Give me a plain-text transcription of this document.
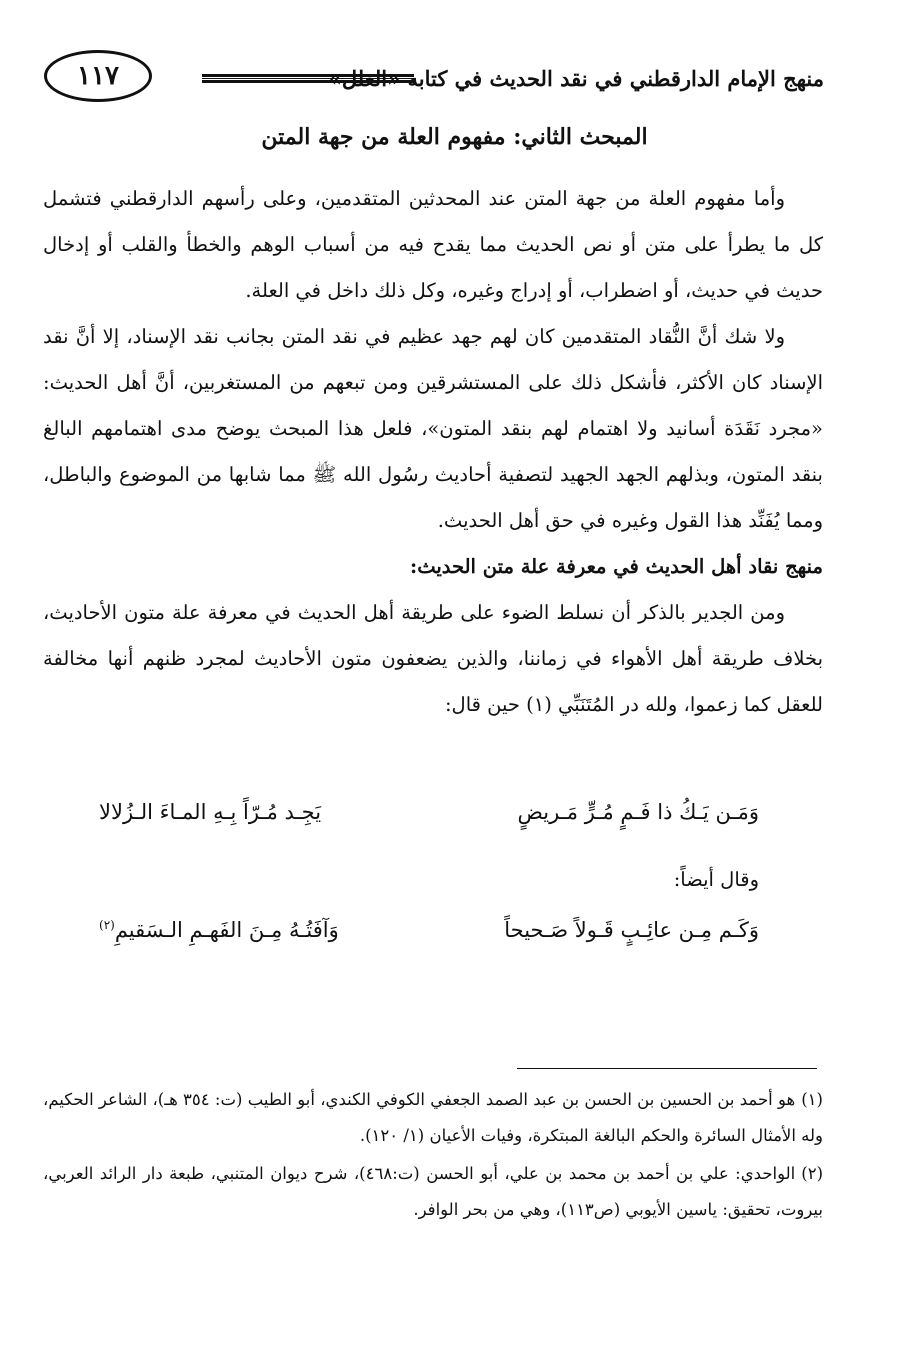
منهج الإمام الدارقطني في نقد الحديث في كتابه «العلل»
١١٧
المبحث الثاني: مفهوم العلة من جهة المتن

وأما مفهوم العلة من جهة المتن عند المحدثين المتقدمين، وعلى رأسهم الدارقطني فتشمل كل ما يطرأ على متن أو نص الحديث مما يقدح فيه من أسباب الوهم والخطأ والقلب أو إدخال حديث في حديث، أو اضطراب، أو إدراج وغيره، وكل ذلك داخل في العلة.

ولا شك أنَّ النُّقاد المتقدمين كان لهم جهد عظيم في نقد المتن بجانب نقد الإسناد، إلا أنَّ نقد الإسناد كان الأكثر، فأشكل ذلك على المستشرقين ومن تبعهم من المستغربين، أنَّ أهل الحديث: «مجرد نَقَدَة أسانيد ولا اهتمام لهم بنقد المتون»، فلعل هذا المبحث يوضح مدى اهتمامهم البالغ بنقد المتون، وبذلهم الجهد الجهيد لتصفية أحاديث رسُول الله ﷺ مما شابها من الموضوع والباطل، ومما يُفَنِّد هذا القول وغيره في حق أهل الحديث.

منهج نقاد أهل الحديث في معرفة علة متن الحديث:

ومن الجدير بالذكر أن نسلط الضوء على طريقة أهل الحديث في معرفة علة متون الأحاديث، بخلاف طريقة أهل الأهواء في زماننا، والذين يضعفون متون الأحاديث لمجرد ظنهم أنها مخالفة للعقل كما زعموا، ولله در المُتَنَبِّي (١) حين قال:

وَمَـن يَـكُ ذا فَـمٍ مُـرٍّ مَـريضٍ
يَجِـد مُـرّاً بِـهِ المـاءَ الـزُلالا
وقال أيضاً:
وَكَـم مِـن عائِـبٍ قَـولاً صَـحيحاً
وَآفَتُـهُ مِـنَ الفَهـمِ الـسَقيمِ$^{(٢)}$

(١)هو أحمد بن الحسين بن الحسن بن عبد الصمد الجعفي الكوفي الكندي، أبو الطيب (ت: ٣٥٤ هـ)، الشاعر الحكيم، وله الأمثال السائرة والحكم البالغة المبتكرة، وفيات الأعيان (١/ ١٢٠).

(٢)الواحدي: علي بن أحمد بن محمد بن علي، أبو الحسن (ت:٤٦٨)، شرح ديوان المتنبي، طبعة دار الرائد العربي، بيروت، تحقيق: ياسين الأيوبي (ص١١٣)، وهي من بحر الوافر.
